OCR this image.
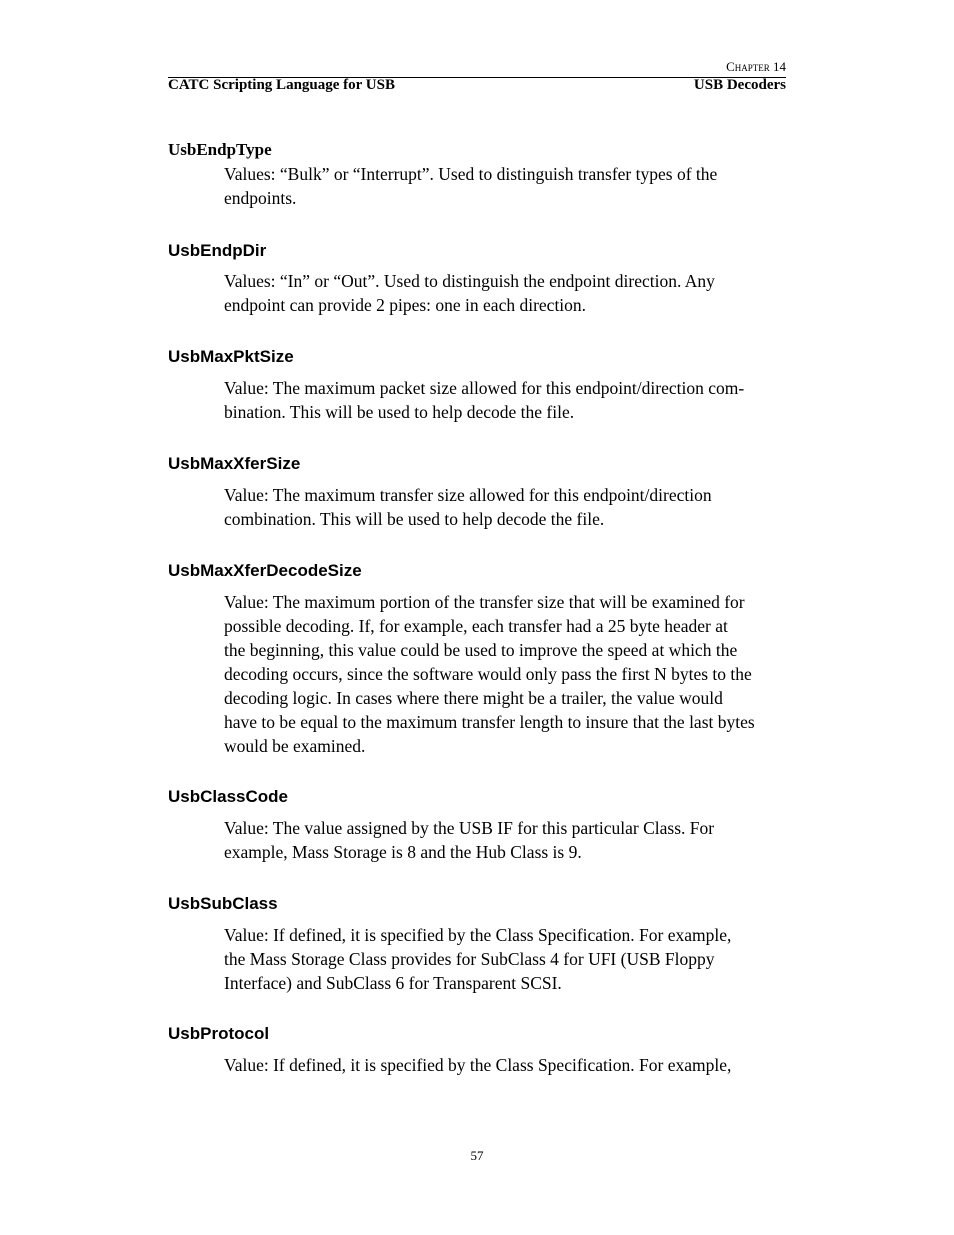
Chapter 14
CATC Scripting Language for USB	USB Decoders
UsbEndpType
Values: “Bulk” or “Interrupt”. Used to distinguish transfer types of the
endpoints.
UsbEndpDir
Values: “In” or “Out”. Used to distinguish the endpoint direction. Any
endpoint can provide 2 pipes: one in each direction.
UsbMaxPktSize
Value: The maximum packet size allowed for this endpoint/direction com-
bination. This will be used to help decode the file.
UsbMaxXferSize
Value: The maximum transfer size allowed for this endpoint/direction
combination. This will be used to help decode the file.
UsbMaxXferDecodeSize
Value: The maximum portion of the transfer size that will be examined for
possible decoding. If, for example, each transfer had a 25 byte header at
the beginning, this value could be used to improve the speed at which the
decoding occurs, since the software would only pass the first N bytes to the
decoding logic. In cases where there might be a trailer, the value would
have to be equal to the maximum transfer length to insure that the last bytes
would be examined.
UsbClassCode
Value: The value assigned by the USB IF for this particular Class. For
example, Mass Storage is 8 and the Hub Class is 9.
UsbSubClass
Value: If defined, it is specified by the Class Specification. For example,
the Mass Storage Class provides for SubClass 4 for UFI (USB Floppy
Interface) and SubClass 6 for Transparent SCSI.
UsbProtocol
Value: If defined, it is specified by the Class Specification. For example,
57
